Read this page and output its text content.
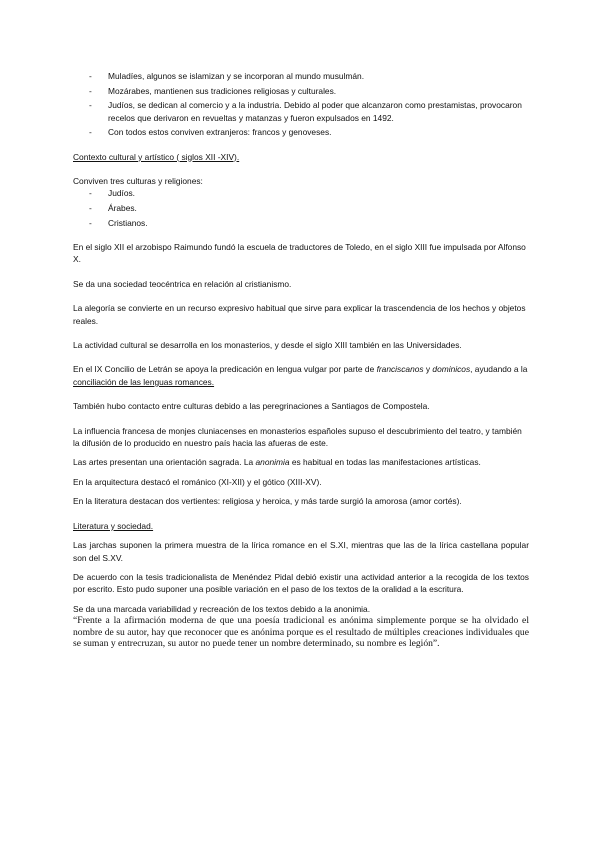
- Muladíes, algunos se islamizan y se incorporan al mundo musulmán.
- Mozárabes, mantienen sus tradiciones religiosas y culturales.
- Judíos, se dedican al comercio y a la industria. Debido al poder que alcanzaron como prestamistas, provocaron recelos que derivaron en revueltas y matanzas y fueron expulsados en 1492.
- Con todos estos conviven extranjeros: francos y genoveses.

Contexto cultural y artístico ( siglos XII -XIV).

Conviven tres culturas y religiones:

- Judíos.
- Árabes.
- Cristianos.

En el siglo XII el arzobispo Raimundo fundó la escuela de traductores de Toledo, en el siglo XIII fue impulsada por Alfonso X.

Se da una sociedad teocéntrica en relación al cristianismo.

La alegoría se convierte en un recurso expresivo habitual que sirve para explicar la trascendencia de los hechos y objetos reales.

La actividad cultural se desarrolla en los monasterios, y desde el siglo XIII también en las Universidades.

En el IX Concilio de Letrán se apoya la predicación en lengua vulgar por parte de franciscanos y dominicos, ayudando a la conciliación de las lenguas romances.

También hubo contacto entre culturas debido a las peregrinaciones a Santiagos de Compostela.

La influencia francesa de monjes cluniacenses en monasterios españoles supuso el descubrimiento del teatro, y también la difusión de lo producido en nuestro país hacia las afueras de este.

Las artes presentan una orientación sagrada. La anonimia es habitual en todas las manifestaciones artísticas.

En la arquitectura destacó el románico (XI-XII) y el gótico (XIII-XV).

En la literatura destacan dos vertientes: religiosa y heroica, y más tarde surgió la amorosa (amor cortés).

Literatura y sociedad.

Las jarchas suponen la primera muestra de la lírica romance en el S.XI, mientras que las de la lírica castellana popular son del S.XV.

De acuerdo con la tesis tradicionalista de Menéndez Pidal debió existir una actividad anterior a la recogida de los textos por escrito. Esto pudo suponer una posible variación en el paso de los textos de la oralidad a la escritura.

Se da una marcada variabilidad y recreación de los textos debido a la anonimia.

“Frente a la afirmación moderna de que una poesía tradicional es anónima simplemente porque se ha olvidado el nombre de su autor, hay que reconocer que es anónima porque es el resultado de múltiples creaciones individuales que se suman y entrecruzan, su autor no puede tener un nombre determinado, su nombre es legión”.
